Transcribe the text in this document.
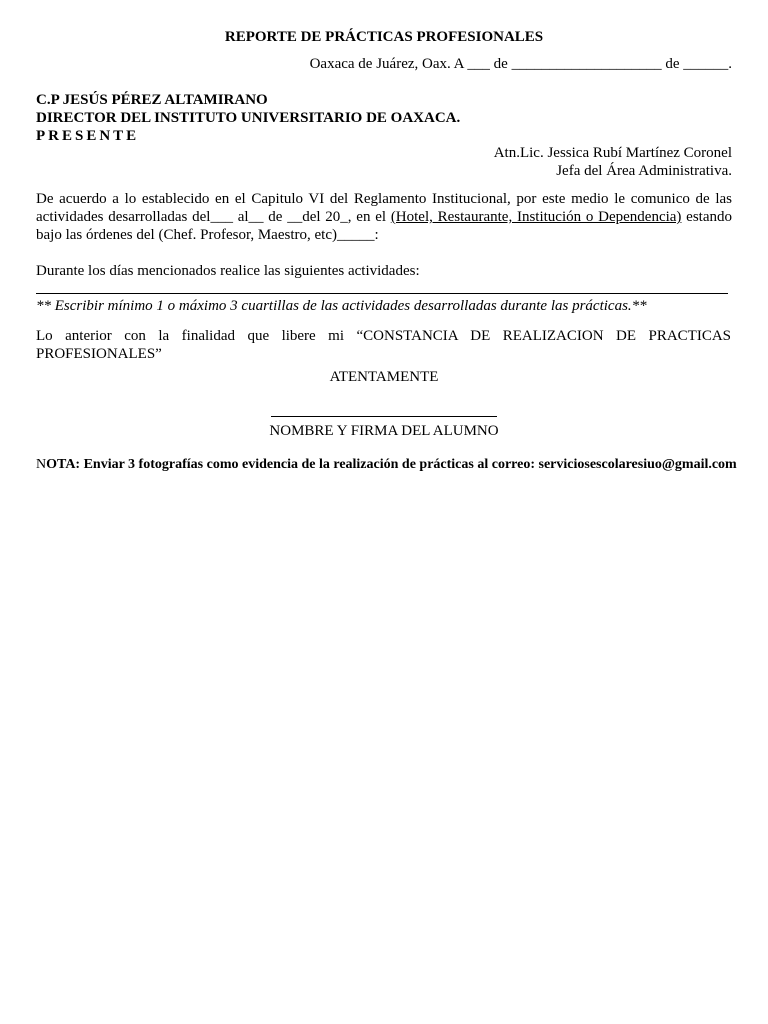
REPORTE DE PRÁCTICAS PROFESIONALES
Oaxaca de Juárez, Oax. A ___ de ____________________ de ______.
C.P JESÚS PÉREZ ALTAMIRANO
DIRECTOR DEL INSTITUTO UNIVERSITARIO DE OAXACA.
PRESENTE
Atn.Lic. Jessica Rubí Martínez Coronel
Jefa del Área Administrativa.
De acuerdo a lo establecido en el Capitulo VI del Reglamento Institucional, por este medio le comunico de las actividades desarrolladas del___ al__ de __del 20_, en el (Hotel, Restaurante, Institución o Dependencia) estando bajo las órdenes del (Chef. Profesor, Maestro, etc)_____:
Durante los días mencionados realice las siguientes actividades:
** Escribir mínimo 1 o máximo 3 cuartillas de las actividades desarrolladas durante las prácticas.**
Lo anterior con la finalidad que libere mi “CONSTANCIA DE REALIZACION DE PRACTICAS
PROFESIONALES”
ATENTAMENTE
NOMBRE Y FIRMA DEL ALUMNO
NOTA: Enviar 3 fotografías como evidencia de la realización de prácticas al correo: serviciosescolaresiuo@gmail.com
